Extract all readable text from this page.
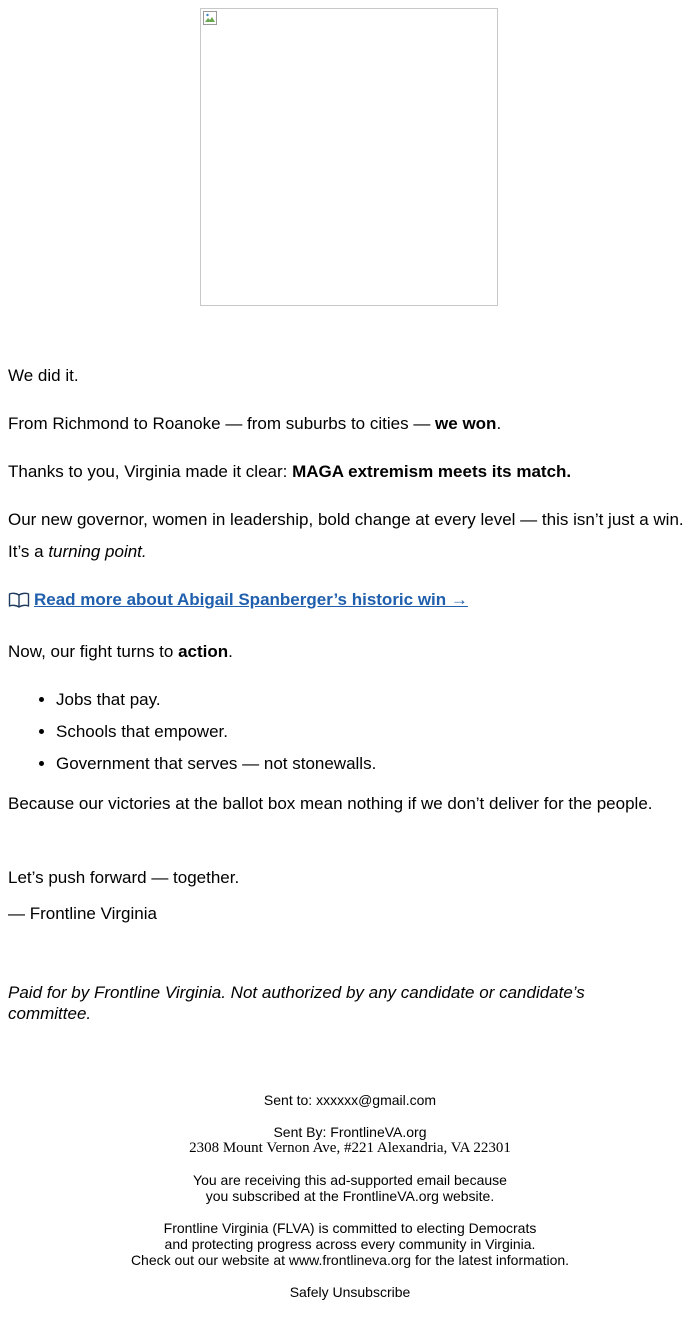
We did it.

From Richmond to Roanoke — from suburbs to cities — we won.

Thanks to you, Virginia made it clear: MAGA extremism meets its match.

Our new governor, women in leadership, bold change at every level — this isn’t just a win. It’s a turning point.

Read more about Abigail Spanberger’s historic win →

Now, our fight turns to action.

• Jobs that pay.
• Schools that empower.
• Government that serves — not stonewalls.

Because our victories at the ballot box mean nothing if we don’t deliver for the people.

Let’s push forward — together.

— Frontline Virginia

Paid for by Frontline Virginia. Not authorized by any candidate or candidate’s committee.
Sent to: xxxxxx@gmail.com
Sent By: FrontlineVA.org
2308 Mount Vernon Ave, #221 Alexandria, VA 22301
You are receiving this ad-supported email because
you subscribed at the FrontlineVA.org website.
Frontline Virginia (FLVA) is committed to electing Democrats
and protecting progress across every community in Virginia.
Check out our website at www.frontlineva.org for the latest information.
Safely Unsubscribe
